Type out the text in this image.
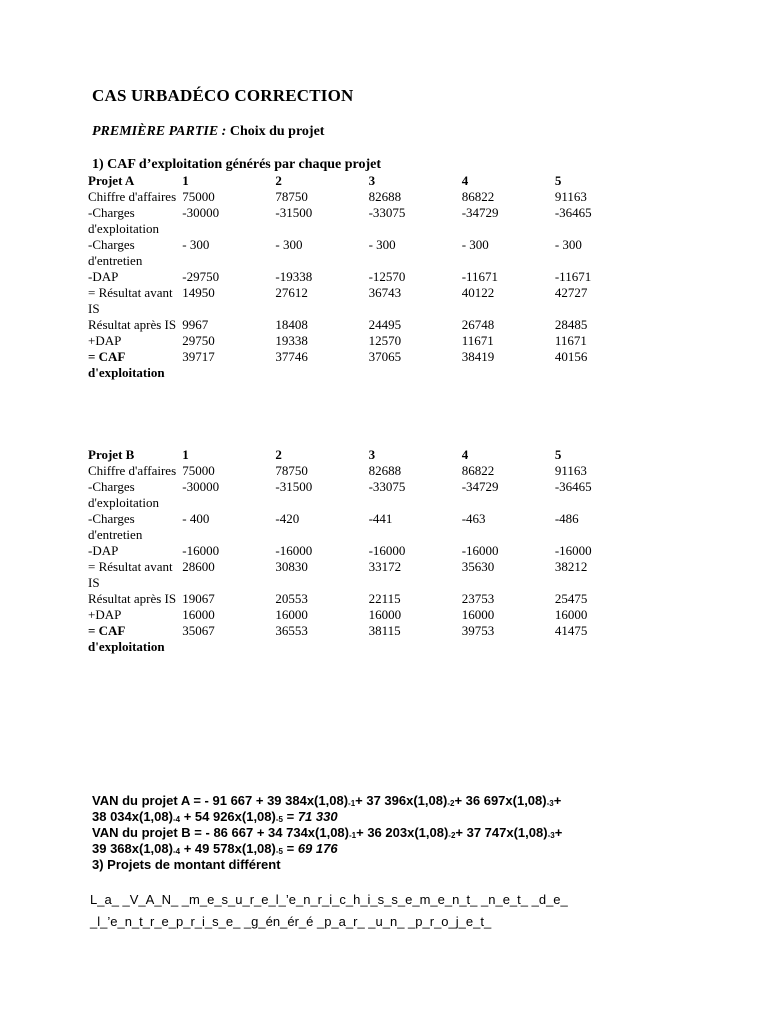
CAS URBADÉCO CORRECTION
PREMIÈRE PARTIE : Choix du projet
1) CAF d’exploitation générés par chaque projet
Projet A	1	2	3	4	5
Chiffre d'affaires	75000	78750	82688	86822	91163
-Charges d'exploitation	-30000	-31500	-33075	-34729	-36465
-Charges d'entretien	- 300	- 300	- 300	- 300	- 300
-DAP	-29750	-19338	-12570	-11671	-11671
= Résultat avant IS	14950	27612	36743	40122	42727
Résultat après IS	9967	18408	24495	26748	28485
+DAP	29750	19338	12570	11671	11671
= CAF d'exploitation	39717	37746	37065	38419	40156
Projet B	1	2	3	4	5
Chiffre d'affaires	75000	78750	82688	86822	91163
-Charges d'exploitation	-30000	-31500	-33075	-34729	-36465
-Charges d'entretien	- 400	-420	-441	-463	-486
-DAP	-16000	-16000	-16000	-16000	-16000
= Résultat avant IS	28600	30830	33172	35630	38212
Résultat après IS	19067	20553	22115	23753	25475
+DAP	16000	16000	16000	16000	16000
= CAF d'exploitation	35067	36553	38115	39753	41475
VAN du projet A = - 91 667 + 39 $384x(1,08)_{-1}+ 37$ $396x(1,08)_{-2}+ 36$ $697x(1,08)_{-3}+$
38 $034x(1,08)_{-4} + 54$ $926x(1,08)_{-5} = 71$ 330
VAN du projet B = - 86 667 + 34 $734x(1,08)_{-1}+ 36$ $203x(1,08)_{-2}+ 37$ $747x(1,08)_{-3}+$
39 $368x(1,08)_{-4} + 49$ $578x(1,08)_{-5} = 69$ 176
3) Projets de montant différent
L_a_ _V_A_N_ _m_e_s_u_r_e_l_’e_n_r_i_c_h_i_s_s_e_m_e_n_t_ _n_e_t_ _d_e_
_l_’e_n_t_r_e_p_r_i_s_e_ _g_én_ér_é _p_a_r_ _u_n_ _p_r_o_j_e_t_
